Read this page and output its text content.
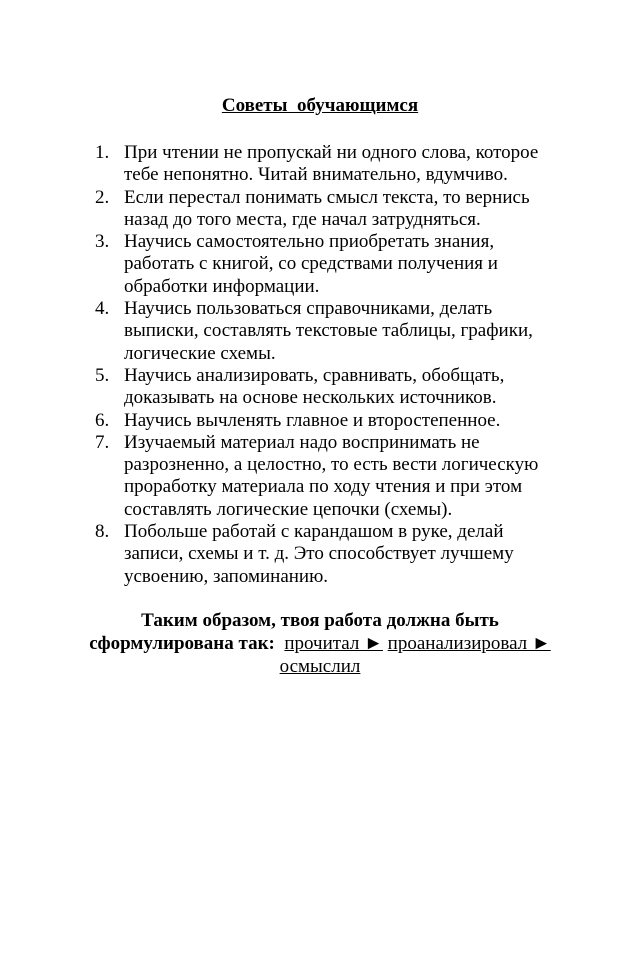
Советы  обучающимся
1. При чтении не пропускай ни одного слова, которое
тебе непонятно. Читай внимательно, вдумчиво.
2. Если перестал понимать смысл текста, то вернись
назад до того места, где начал затрудняться.
3. Научись самостоятельно приобретать знания,
работать с книгой, со средствами получения и
обработки информации.
4. Научись пользоваться справочниками, делать
выписки, составлять текстовые таблицы, графики,
логические схемы.
5. Научись анализировать, сравнивать, обобщать,
доказывать на основе нескольких источников.
6. Научись вычленять главное и второстепенное.
7. Изучаемый материал надо воспринимать не
разрозненно, а целостно, то есть вести логическую
проработку материала по ходу чтения и при этом
составлять логические цепочки (схемы).
8. Побольше работай с карандашом в руке, делай
записи, схемы и т. д. Это способствует лучшему
усвоению, запоминанию.
Таким образом, твоя работа должна быть
сформулирована так: прочитал ► проанализировал ►
осмыслил
